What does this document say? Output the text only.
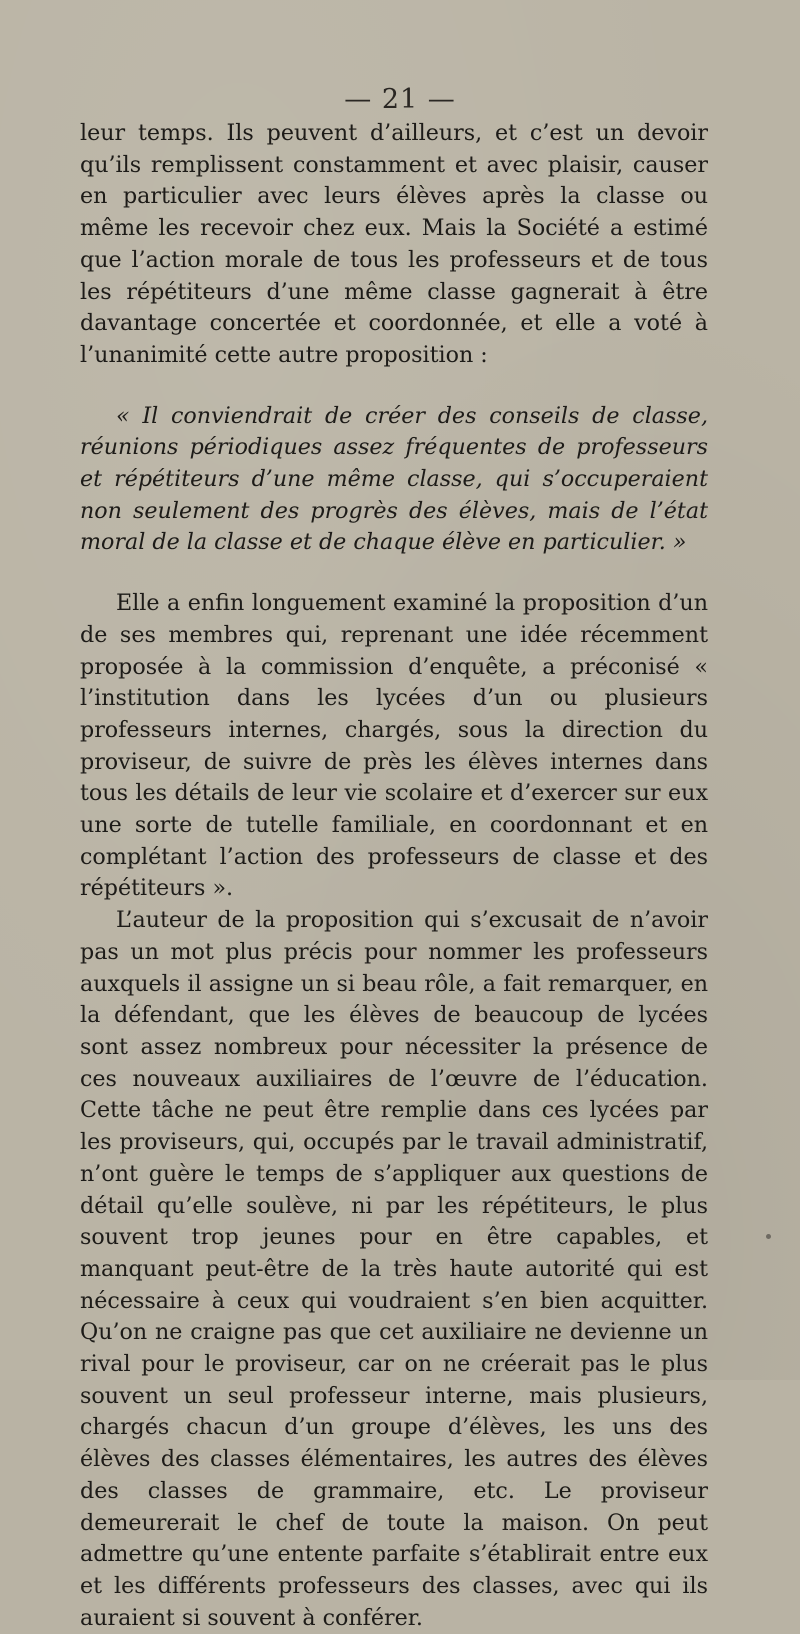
— 21 —

leur temps. Ils peuvent d’ailleurs, et c’est un devoir qu’ils remplissent constamment et avec plaisir, causer en particulier avec leurs élèves après la classe ou même les recevoir chez eux. Mais la Société a estimé que l’action morale de tous les professeurs et de tous les répétiteurs d’une même classe gagnerait à être davantage concertée et coordonnée, et elle a voté à l’unanimité cette autre proposition :

« Il conviendrait de créer des conseils de classe, réunions périodiques assez fréquentes de professeurs et répétiteurs d’une même classe, qui s’occuperaient non seulement des progrès des élèves, mais de l’état moral de la classe et de chaque élève en particulier. »

Elle a enfin longuement examiné la proposition d’un de ses membres qui, reprenant une idée récemment proposée à la commission d’enquête, a préconisé « l’institution dans les lycées d’un ou plusieurs professeurs internes, chargés, sous la direction du proviseur, de suivre de près les élèves internes dans tous les détails de leur vie scolaire et d’exercer sur eux une sorte de tutelle familiale, en coordonnant et en complétant l’action des professeurs de classe et des répétiteurs ».

L’auteur de la proposition qui s’excusait de n’avoir pas un mot plus précis pour nommer les professeurs auxquels il assigne un si beau rôle, a fait remarquer, en la défendant, que les élèves de beaucoup de lycées sont assez nombreux pour nécessiter la présence de ces nouveaux auxiliaires de l’œuvre de l’éducation. Cette tâche ne peut être remplie dans ces lycées par les proviseurs, qui, occupés par le travail administratif, n’ont guère le temps de s’appliquer aux questions de détail qu’elle soulève, ni par les répétiteurs, le plus souvent trop jeunes pour en être capables, et manquant peut-être de la très haute autorité qui est nécessaire à ceux qui voudraient s’en bien acquitter. Qu’on ne craigne pas que cet auxiliaire ne devienne un rival pour le proviseur, car on ne créerait pas le plus souvent un seul professeur interne, mais plusieurs, chargés chacun d’un groupe d’élèves, les uns des élèves des classes élémentaires, les autres des élèves des classes de grammaire, etc. Le proviseur demeurerait le chef de toute la maison. On peut admettre qu’une entente parfaite s’établirait entre eux et les différents professeurs des classes, avec qui ils auraient si souvent à conférer.
